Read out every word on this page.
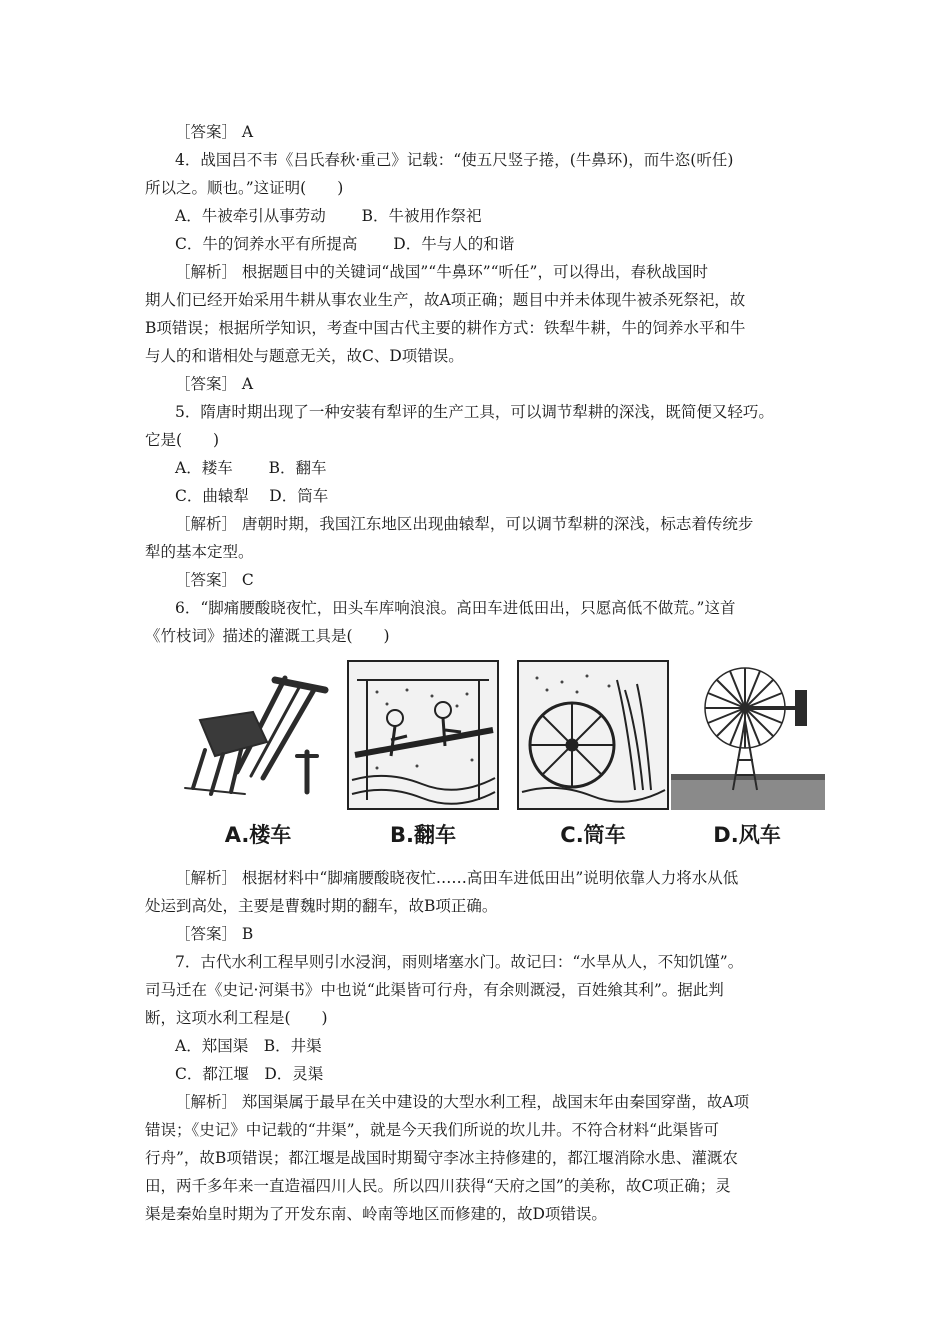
［答案］ A
4．战国吕不韦《吕氏春秋·重己》记载：“使五尺竖子捲，(牛鼻环)，而牛恣(听任)
所以之。顺也。”这证明(　　)
A．牛被牵引从事劳动　　 B．牛被用作祭祀
C．牛的饲养水平有所提高　　 D．牛与人的和谐
［解析］ 根据题目中的关键词“战国”“牛鼻环”“听任”，可以得出，春秋战国时
期人们已经开始采用牛耕从事农业生产，故A项正确；题目中并未体现牛被杀死祭祀，故
B项错误；根据所学知识，考查中国古代主要的耕作方式：铁犁牛耕，牛的饲养水平和牛
与人的和谐相处与题意无关，故C、D项错误。
［答案］ A
5．隋唐时期出现了一种安装有犁评的生产工具，可以调节犁耕的深浅，既简便又轻巧。
它是(　　)
A．耧车　　 B．翻车
C．曲辕犁　 D．筒车
［解析］ 唐朝时期，我国江东地区出现曲辕犁，可以调节犁耕的深浅，标志着传统步
犁的基本定型。
［答案］ C
6．“脚痛腰酸晓夜忙，田头车库响浪浪。高田车进低田出，只愿高低不做荒。”这首
《竹枝词》描述的灌溉工具是(　　)
A.楼车	B.翻车	C.筒车	D.风车
［解析］ 根据材料中“脚痛腰酸晓夜忙……高田车进低田出”说明依靠人力将水从低
处运到高处，主要是曹魏时期的翻车，故B项正确。
［答案］ B
7．古代水利工程早则引水浸润，雨则堵塞水门。故记曰：“水旱从人，不知饥馑”。
司马迁在《史记·河渠书》中也说“此渠皆可行舟，有余则溉浸，百姓飨其利”。据此判
断，这项水利工程是(　　)
A．郑国渠　B．井渠
C．都江堰　D．灵渠
［解析］ 郑国渠属于最早在关中建设的大型水利工程，战国末年由秦国穿凿，故A项
错误；《史记》中记载的“井渠”，就是今天我们所说的坎儿井。不符合材料“此渠皆可
行舟”，故B项错误；都江堰是战国时期蜀守李冰主持修建的，都江堰消除水患、灌溉农
田，两千多年来一直造福四川人民。所以四川获得“天府之国”的美称，故C项正确；灵
渠是秦始皇时期为了开发东南、岭南等地区而修建的，故D项错误。
